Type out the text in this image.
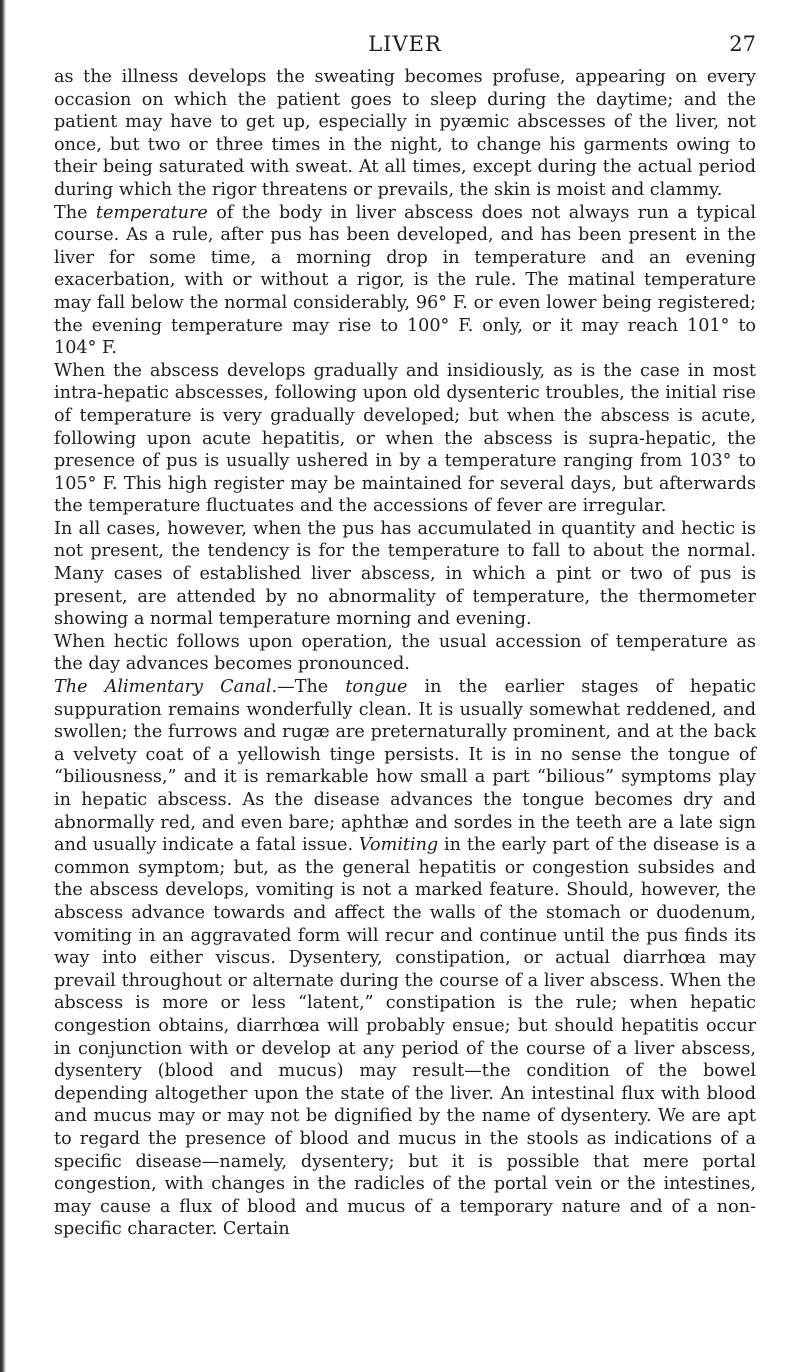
LIVER	27

as the illness develops the sweating becomes profuse, appearing on every occasion on which the patient goes to sleep during the daytime; and the patient may have to get up, especially in pyæmic abscesses of the liver, not once, but two or three times in the night, to change his garments owing to their being saturated with sweat. At all times, except during the actual period during which the rigor threatens or prevails, the skin is moist and clammy.

The temperature of the body in liver abscess does not always run a typical course. As a rule, after pus has been developed, and has been present in the liver for some time, a morning drop in temperature and an evening exacerbation, with or without a rigor, is the rule. The matinal temperature may fall below the normal considerably, 96° F. or even lower being registered; the evening temperature may rise to 100° F. only, or it may reach 101° to 104° F.

When the abscess develops gradually and insidiously, as is the case in most intra-hepatic abscesses, following upon old dysenteric troubles, the initial rise of temperature is very gradually developed; but when the abscess is acute, following upon acute hepatitis, or when the abscess is supra-hepatic, the presence of pus is usually ushered in by a temperature ranging from 103° to 105° F. This high register may be maintained for several days, but afterwards the temperature fluctuates and the accessions of fever are irregular.

In all cases, however, when the pus has accumulated in quantity and hectic is not present, the tendency is for the temperature to fall to about the normal. Many cases of established liver abscess, in which a pint or two of pus is present, are attended by no abnormality of temperature, the thermometer showing a normal temperature morning and evening.

When hectic follows upon operation, the usual accession of temperature as the day advances becomes pronounced.

The Alimentary Canal.—The tongue in the earlier stages of hepatic suppuration remains wonderfully clean. It is usually somewhat reddened, and swollen; the furrows and rugæ are preternaturally prominent, and at the back a velvety coat of a yellowish tinge persists. It is in no sense the tongue of “biliousness,” and it is remarkable how small a part “bilious” symptoms play in hepatic abscess. As the disease advances the tongue becomes dry and abnormally red, and even bare; aphthæ and sordes in the teeth are a late sign and usually indicate a fatal issue. Vomiting in the early part of the disease is a common symptom; but, as the general hepatitis or congestion subsides and the abscess develops, vomiting is not a marked feature. Should, however, the abscess advance towards and affect the walls of the stomach or duodenum, vomiting in an aggravated form will recur and continue until the pus finds its way into either viscus. Dysentery, constipation, or actual diarrhœa may prevail throughout or alternate during the course of a liver abscess. When the abscess is more or less “latent,” constipation is the rule; when hepatic congestion obtains, diarrhœa will probably ensue; but should hepatitis occur in conjunction with or develop at any period of the course of a liver abscess, dysentery (blood and mucus) may result—the condition of the bowel depending altogether upon the state of the liver. An intestinal flux with blood and mucus may or may not be dignified by the name of dysentery. We are apt to regard the presence of blood and mucus in the stools as indications of a specific disease—namely, dysentery; but it is possible that mere portal congestion, with changes in the radicles of the portal vein or the intestines, may cause a flux of blood and mucus of a temporary nature and of a non-specific character. Certain
